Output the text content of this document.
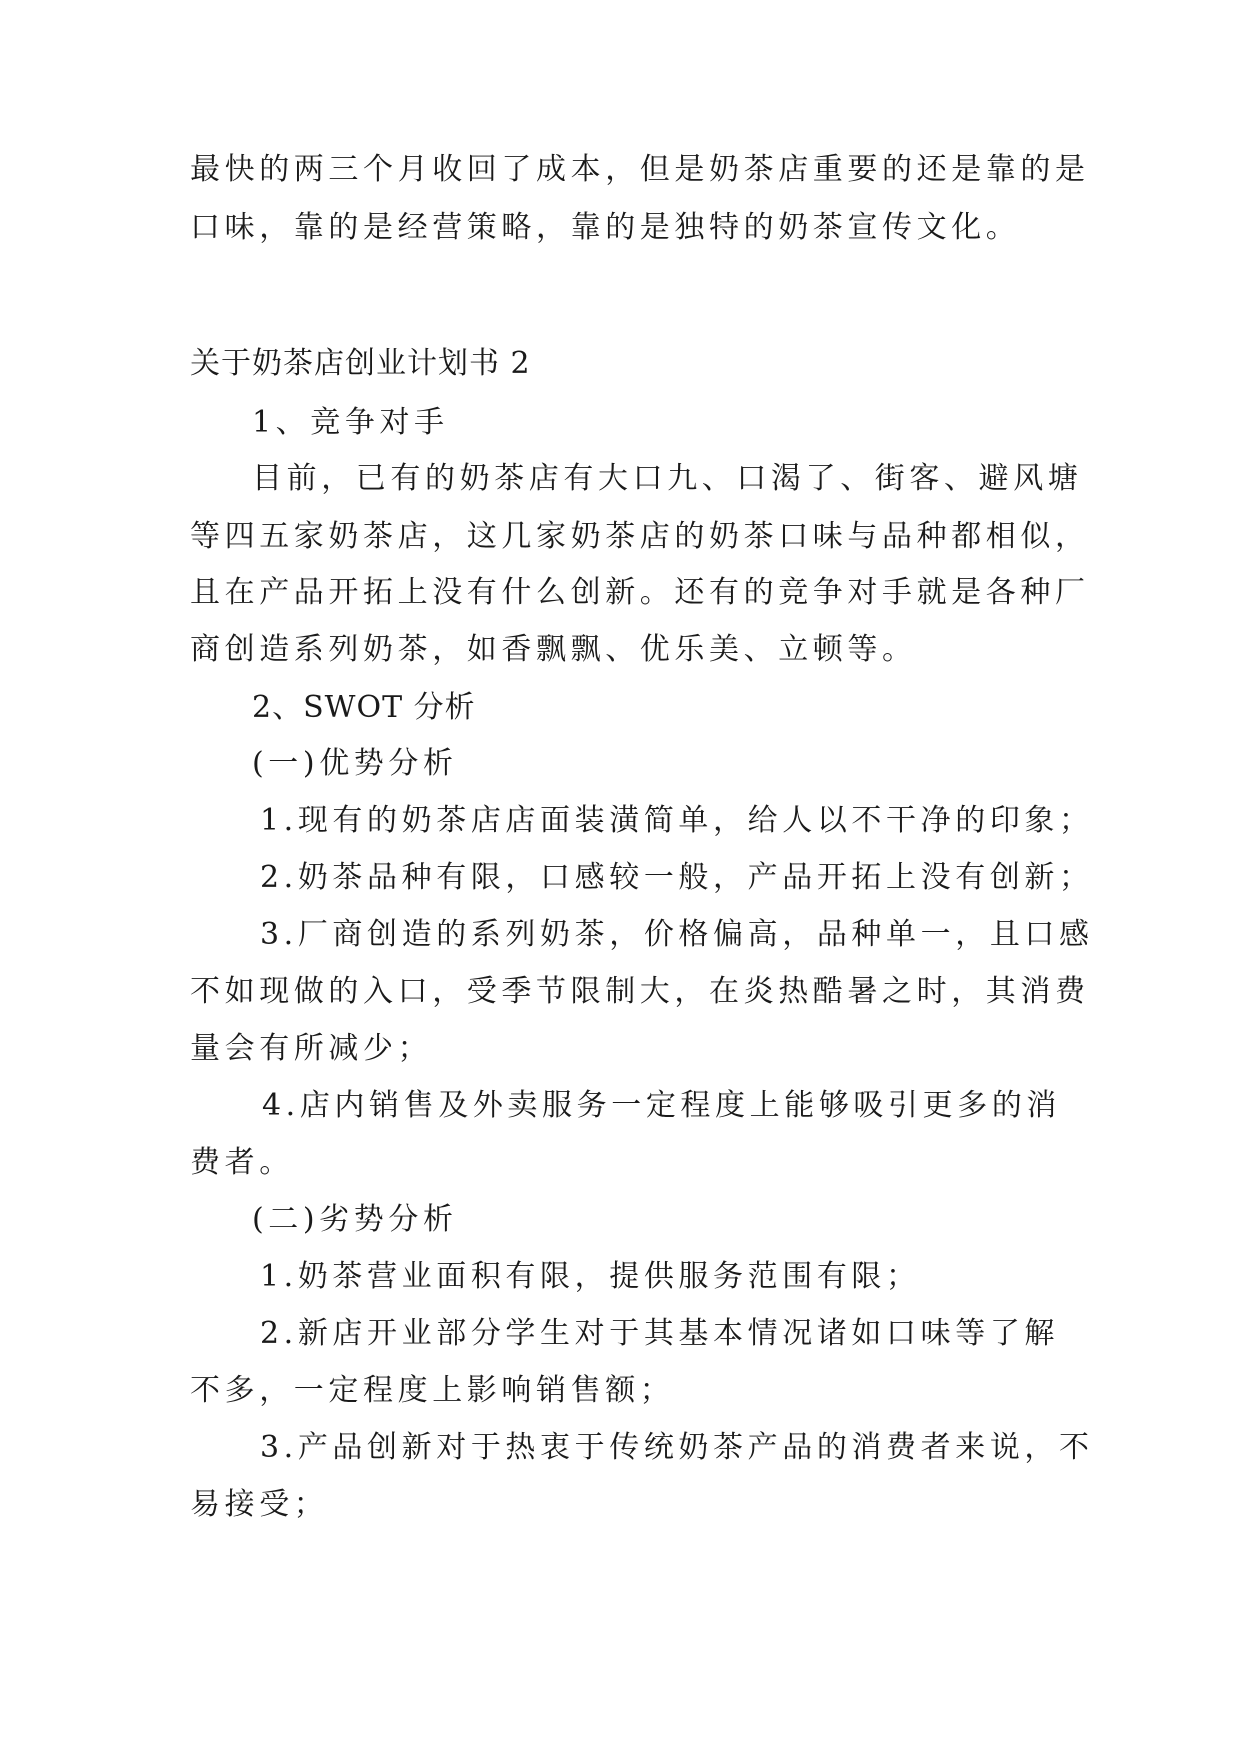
最快的两三个月收回了成本，但是奶茶店重要的还是靠的是
口味，靠的是经营策略，靠的是独特的奶茶宣传文化。
关于奶茶店创业计划书 2
1、竞争对手
目前，已有的奶茶店有大口九、口渴了、街客、避风塘
等四五家奶茶店，这几家奶茶店的奶茶口味与品种都相似，
且在产品开拓上没有什么创新。还有的竞争对手就是各种厂
商创造系列奶茶，如香飘飘、优乐美、立顿等。
2、SWOT 分析
(一)优势分析
1.现有的奶茶店店面装潢简单，给人以不干净的印象；
2.奶茶品种有限，口感较一般，产品开拓上没有创新；
3.厂商创造的系列奶茶，价格偏高，品种单一，且口感
不如现做的入口，受季节限制大，在炎热酷暑之时，其消费
量会有所减少；
4.店内销售及外卖服务一定程度上能够吸引更多的消
费者。
(二)劣势分析
1.奶茶营业面积有限，提供服务范围有限；
2.新店开业部分学生对于其基本情况诸如口味等了解
不多，一定程度上影响销售额；
3.产品创新对于热衷于传统奶茶产品的消费者来说，不
易接受；
